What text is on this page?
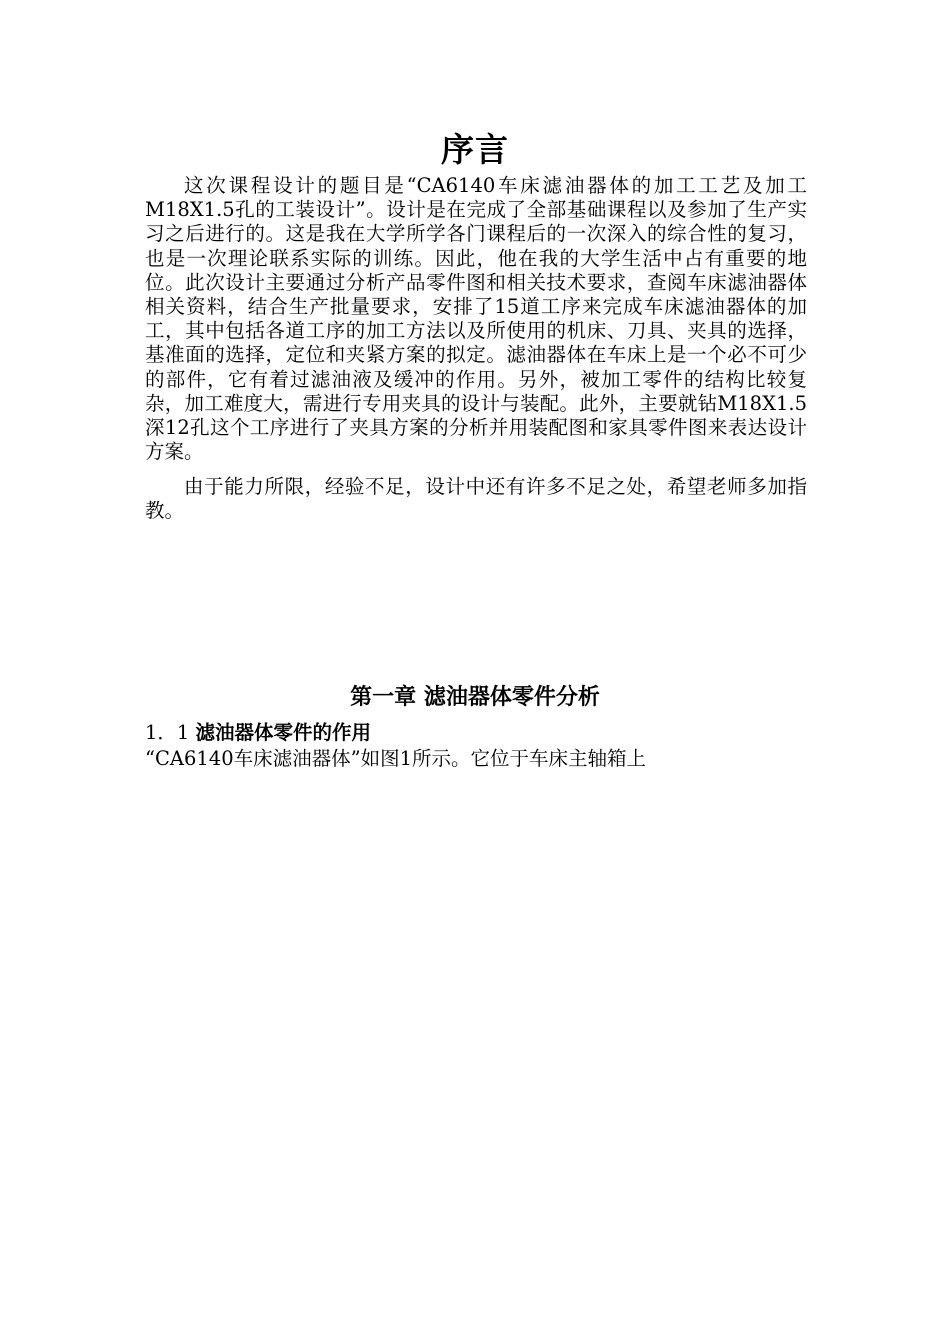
序言
这次课程设计的题目是“CA6140车床滤油器体的加工工艺及加工M18X1.5孔的工装设计”。设计是在完成了全部基础课程以及参加了生产实习之后进行的。这是我在大学所学各门课程后的一次深入的综合性的复习，也是一次理论联系实际的训练。因此，他在我的大学生活中占有重要的地位。此次设计主要通过分析产品零件图和相关技术要求，查阅车床滤油器体相关资料，结合生产批量要求，安排了15道工序来完成车床滤油器体的加工，其中包括各道工序的加工方法以及所使用的机床、刀具、夹具的选择，基准面的选择，定位和夹紧方案的拟定。滤油器体在车床上是一个必不可少的部件，它有着过滤油液及缓冲的作用。另外，被加工零件的结构比较复杂，加工难度大，需进行专用夹具的设计与装配。此外，主要就钻M18X1.5深12孔这个工序进行了夹具方案的分析并用装配图和家具零件图来表达设计方案。
由于能力所限，经验不足，设计中还有许多不足之处，希望老师多加指教。
第一章 滤油器体零件分析
1．1 滤油器体零件的作用
“CA6140车床滤油器体”如图1所示。它位于车床主轴箱上
